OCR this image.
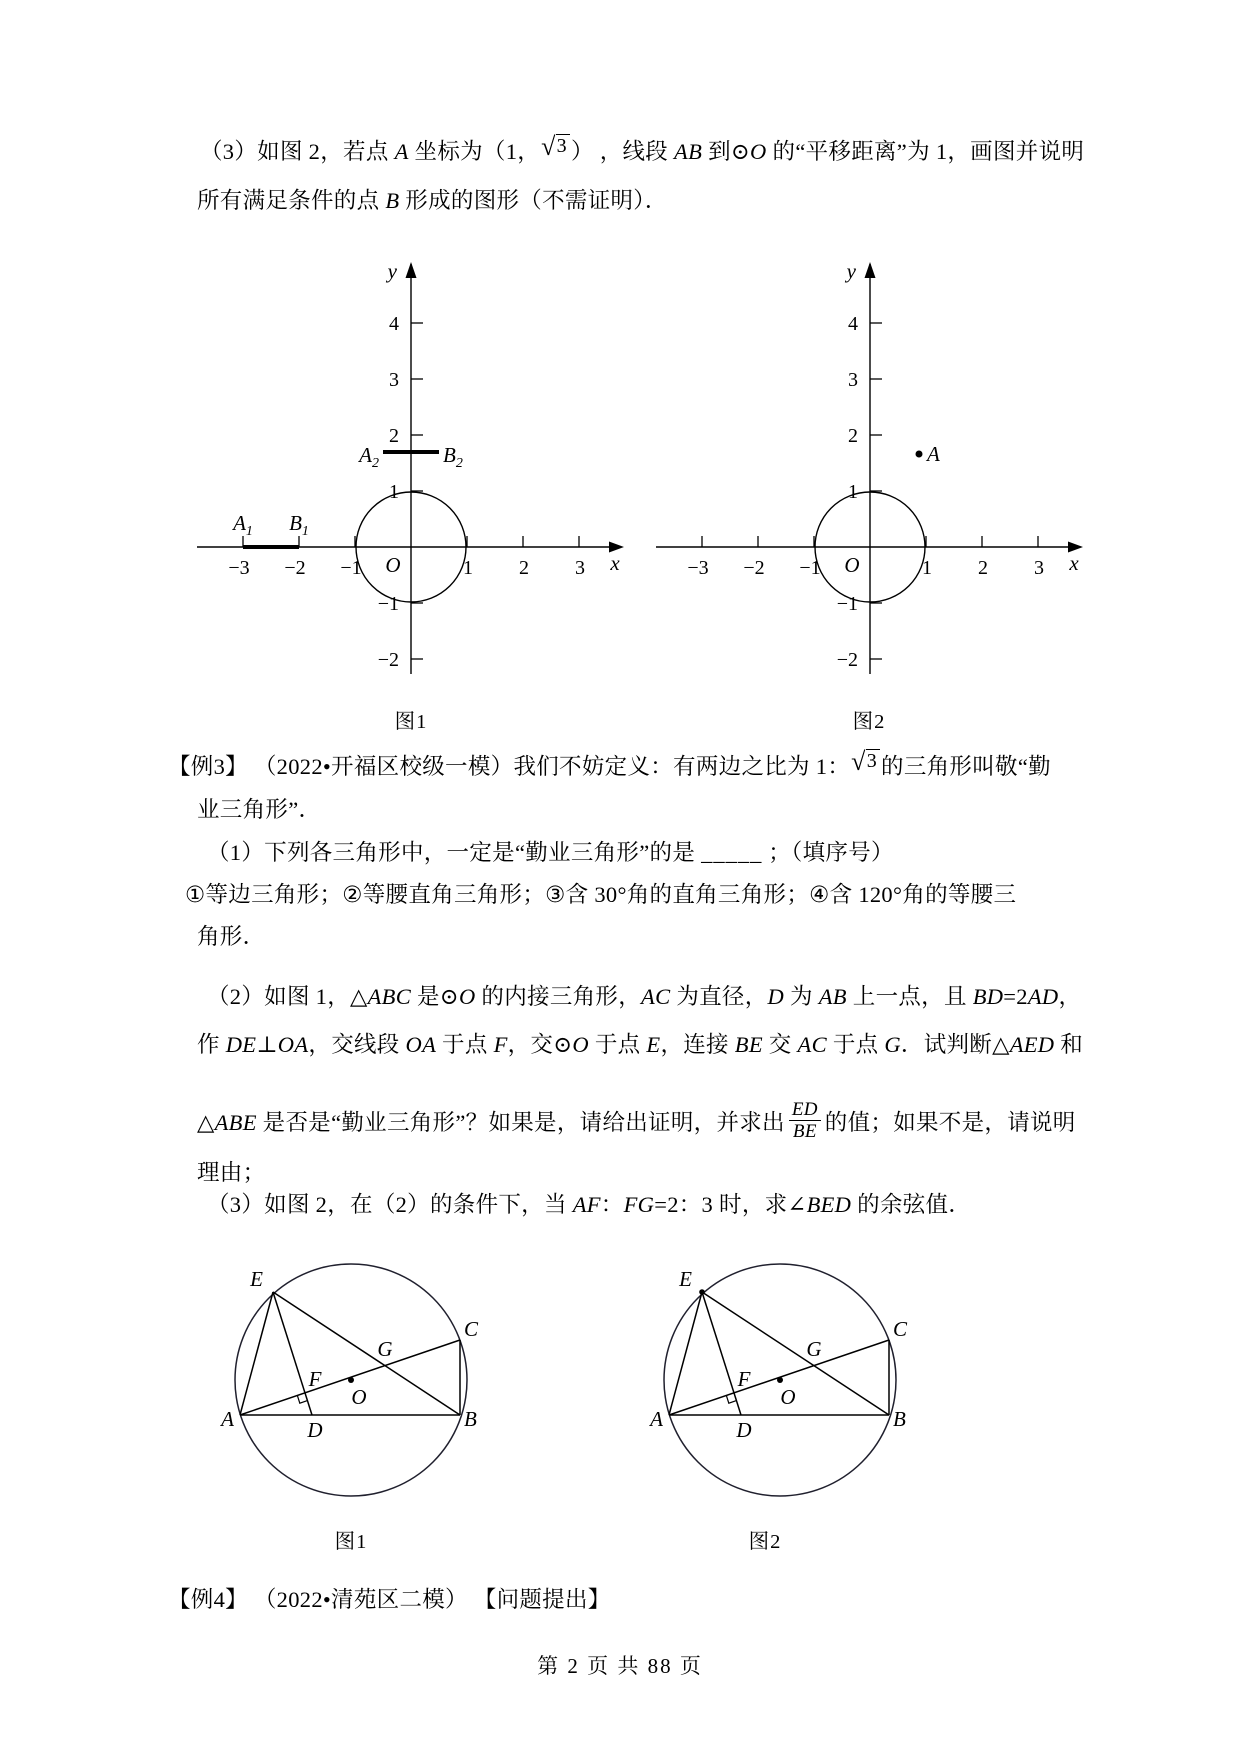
（3）如图 2，若点 A 坐标为（1， √ 3 ） ，线段 AB 到⊙O 的“平移距离”为 1，画图并说明
所有满足条件的点 B 形成的图形（不需证明）．
4
3
2
1
−1
−2
−3 −2 −1	1 2 3 x
y
O
$A_1$ $B_1$
$A_2$	$B_2$
4
3
2
1
−1
−2
−3 −2 −1	1 2 3 x
y
O
A
图1	图2
【例3】 （2022•开福区校级一模）我们不妨定义：有两边之比为 1： √ 3 的三角形叫敬“勤
业三角形”．
（1）下列各三角形中，一定是“勤业三角形”的是 _____ ；（填序号）
①等边三角形；②等腰直角三角形；③含 30°角的直角三角形；④含 120°角的等腰三
角形．
（2）如图 1，△ABC 是⊙O 的内接三角形，AC 为直径，D 为 AB 上一点，且 BD=2AD，
作 DE⊥OA，交线段 OA 于点 F，交⊙O 于点 E，连接 BE 交 AC 于点 G．试判断△AED 和
△ABE 是否是“勤业三角形”？如果是，请给出证明，并求出 $\frac{ED}{BE}$ 的值；如果不是，请说明
理由；
（3）如图 2，在（2）的条件下，当 AF：FG=2：3 时，求∠BED 的余弦值．
E
C
G
F
O
A	D	B
E
C
G
F
O
A	D	B
图1	图2
【例4】 （2022•清苑区二模） 【问题提出】
第 2 页 共 88 页
